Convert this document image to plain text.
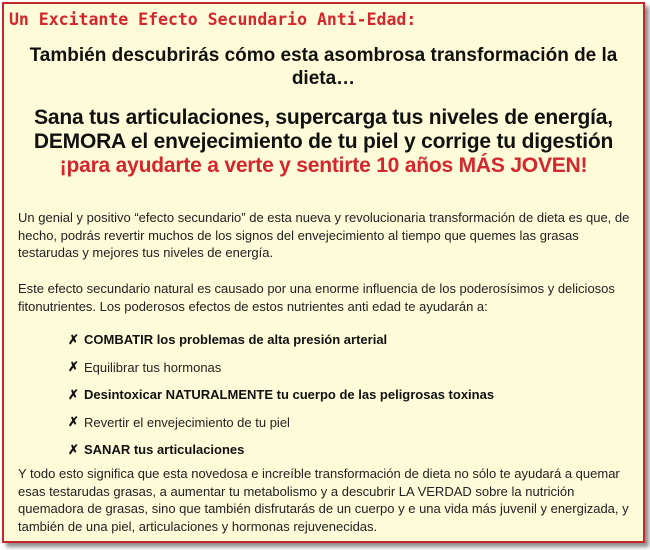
Un Excitante Efecto Secundario Anti-Edad:
También descubrirás cómo esta asombrosa transformación de la dieta…
Sana tus articulaciones, supercarga tus niveles de energía,
DEMORA el envejecimiento de tu piel y corrige tu digestión
¡para ayudarte a verte y sentirte 10 años MÁS JOVEN!

Un genial y positivo “efecto secundario” de esta nueva y revolucionaria transformación de dieta es que, de hecho, podrás revertir muchos de los signos del envejecimiento al tiempo que quemes las grasas testarudas y mejores tus niveles de energía.

Este efecto secundario natural es causado por una enorme influencia de los poderosísimos y deliciosos fitonutrientes. Los poderosos efectos de estos nutrientes anti edad te ayudarán a:

✗ COMBATIR los problemas de alta presión arterial
✗ Equilibrar tus hormonas
✗ Desintoxicar NATURALMENTE tu cuerpo de las peligrosas toxinas
✗ Revertir el envejecimiento de tu piel
✗ SANAR tus articulaciones

Y todo esto significa que esta novedosa e increíble transformación de dieta no sólo te ayudará a quemar esas testarudas grasas, a aumentar tu metabolismo y a descubrir LA VERDAD sobre la nutrición quemadora de grasas, sino que también disfrutarás de un cuerpo y e una vida más juvenil y energizada, y también de una piel, articulaciones y hormonas rejuvenecidas.
